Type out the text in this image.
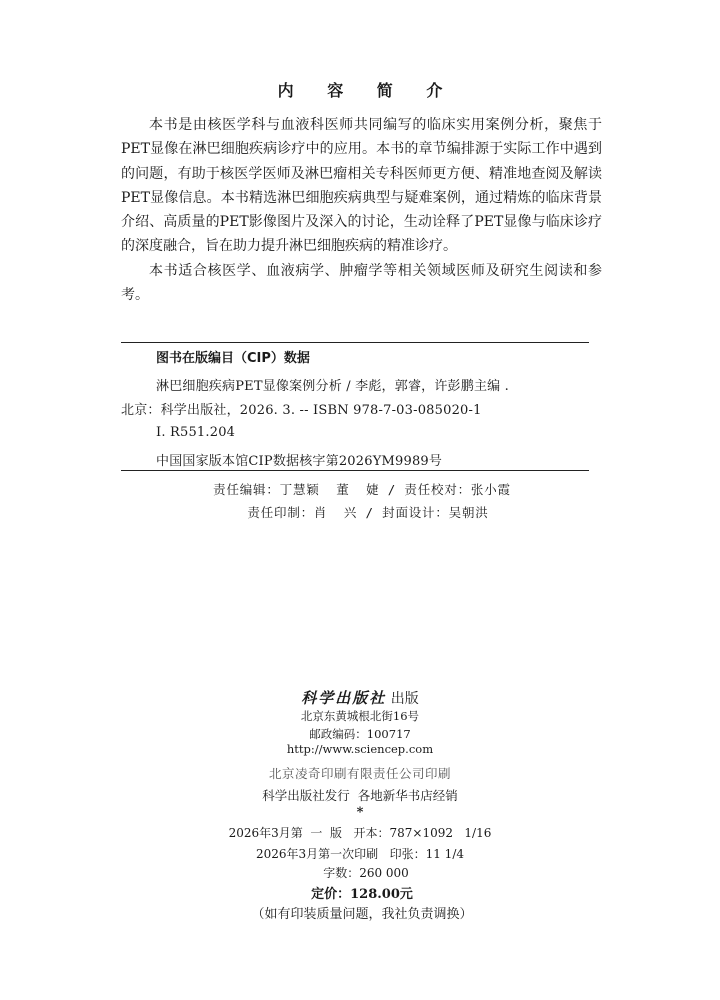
内 容 简 介

本书是由核医学科与血液科医师共同编写的临床实用案例分析，聚焦于PET显像在淋巴细胞疾病诊疗中的应用。本书的章节编排源于实际工作中遇到的问题，有助于核医学医师及淋巴瘤相关专科医师更方便、精准地查阅及解读PET显像信息。本书精选淋巴细胞疾病典型与疑难案例，通过精炼的临床背景介绍、高质量的PET影像图片及深入的讨论，生动诠释了PET显像与临床诊疗的深度融合，旨在助力提升淋巴细胞疾病的精准诊疗。

本书适合核医学、血液病学、肿瘤学等相关领域医师及研究生阅读和参考。

图书在版编目（CIP）数据
淋巴细胞疾病PET显像案例分析 / 李彪，郭睿，许彭鹏主编 .
北京：科学出版社，2026. 3. -- ISBN 978-7-03-085020-1
Ⅰ. R551.204
中国国家版本馆CIP数据核字第2026YM9989号
责任编辑：丁慧颖  董  婕 / 责任校对：张小霞
责任印制：肖  兴 / 封面设计：吴朝洪
科学出版社 出版
北京东黄城根北街16号
邮政编码：100717
http://www.sciencep.com
北京凌奇印刷有限责任公司印刷
科学出版社发行  各地新华书店经销
*
2026年3月第  一  版   开本：787×1092   1/16
2026年3月第一次印刷   印张：11 1/4
字数：260 000
定价：128.00元
（如有印装质量问题，我社负责调换）
